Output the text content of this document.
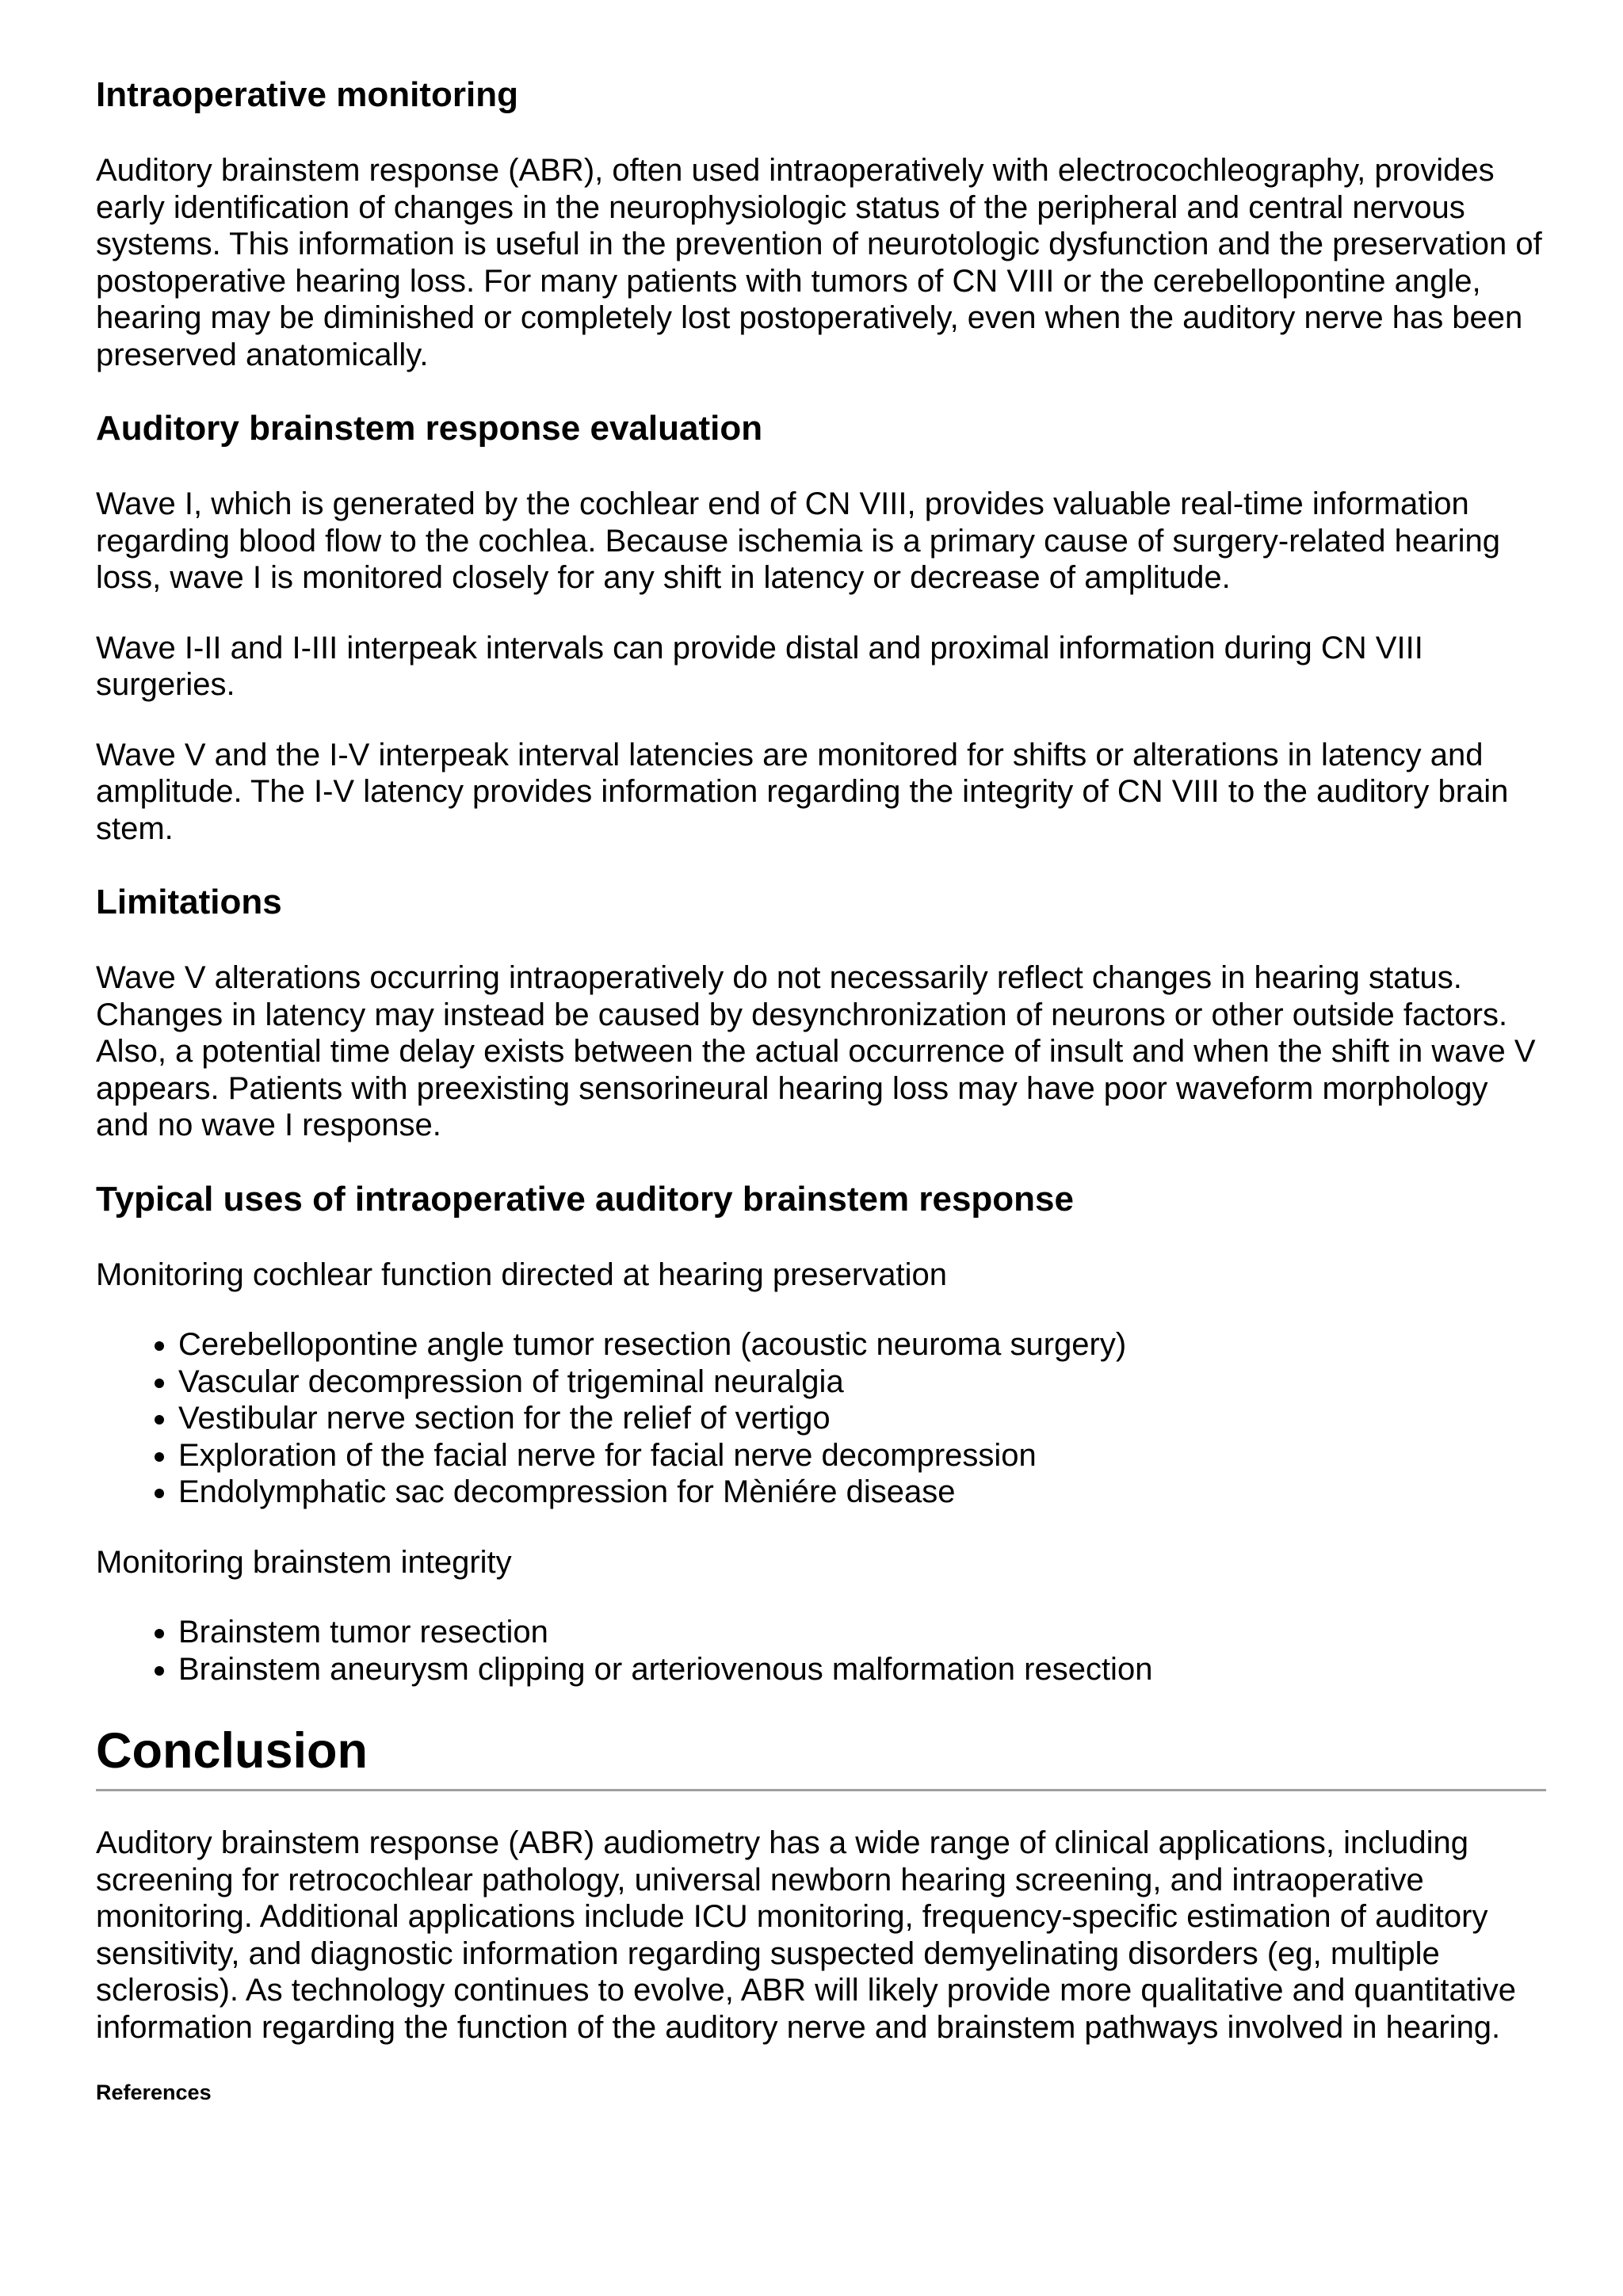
Intraoperative monitoring

Auditory brainstem response (ABR), often used intraoperatively with electrocochleography, provides early identification of changes in the neurophysiologic status of the peripheral and central nervous systems. This information is useful in the prevention of neurotologic dysfunction and the preservation of postoperative hearing loss. For many patients with tumors of CN VIII or the cerebellopontine angle, hearing may be diminished or completely lost postoperatively, even when the auditory nerve has been preserved anatomically.

Auditory brainstem response evaluation

Wave I, which is generated by the cochlear end of CN VIII, provides valuable real-time information regarding blood flow to the cochlea. Because ischemia is a primary cause of surgery-related hearing loss, wave I is monitored closely for any shift in latency or decrease of amplitude.

Wave I-II and I-III interpeak intervals can provide distal and proximal information during CN VIII surgeries.

Wave V and the I-V interpeak interval latencies are monitored for shifts or alterations in latency and amplitude. The I-V latency provides information regarding the integrity of CN VIII to the auditory brain stem.

Limitations

Wave V alterations occurring intraoperatively do not necessarily reflect changes in hearing status. Changes in latency may instead be caused by desynchronization of neurons or other outside factors. Also, a potential time delay exists between the actual occurrence of insult and when the shift in wave V appears. Patients with preexisting sensorineural hearing loss may have poor waveform morphology and no wave I response.

Typical uses of intraoperative auditory brainstem response

Monitoring cochlear function directed at hearing preservation

• Cerebellopontine angle tumor resection (acoustic neuroma surgery)
• Vascular decompression of trigeminal neuralgia
• Vestibular nerve section for the relief of vertigo
• Exploration of the facial nerve for facial nerve decompression
• Endolymphatic sac decompression for Mèniére disease

Monitoring brainstem integrity

• Brainstem tumor resection
• Brainstem aneurysm clipping or arteriovenous malformation resection
Conclusion

Auditory brainstem response (ABR) audiometry has a wide range of clinical applications, including screening for retrocochlear pathology, universal newborn hearing screening, and intraoperative monitoring. Additional applications include ICU monitoring, frequency-specific estimation of auditory sensitivity, and diagnostic information regarding suspected demyelinating disorders (eg, multiple sclerosis). As technology continues to evolve, ABR will likely provide more qualitative and quantitative information regarding the function of the auditory nerve and brainstem pathways involved in hearing.

References
